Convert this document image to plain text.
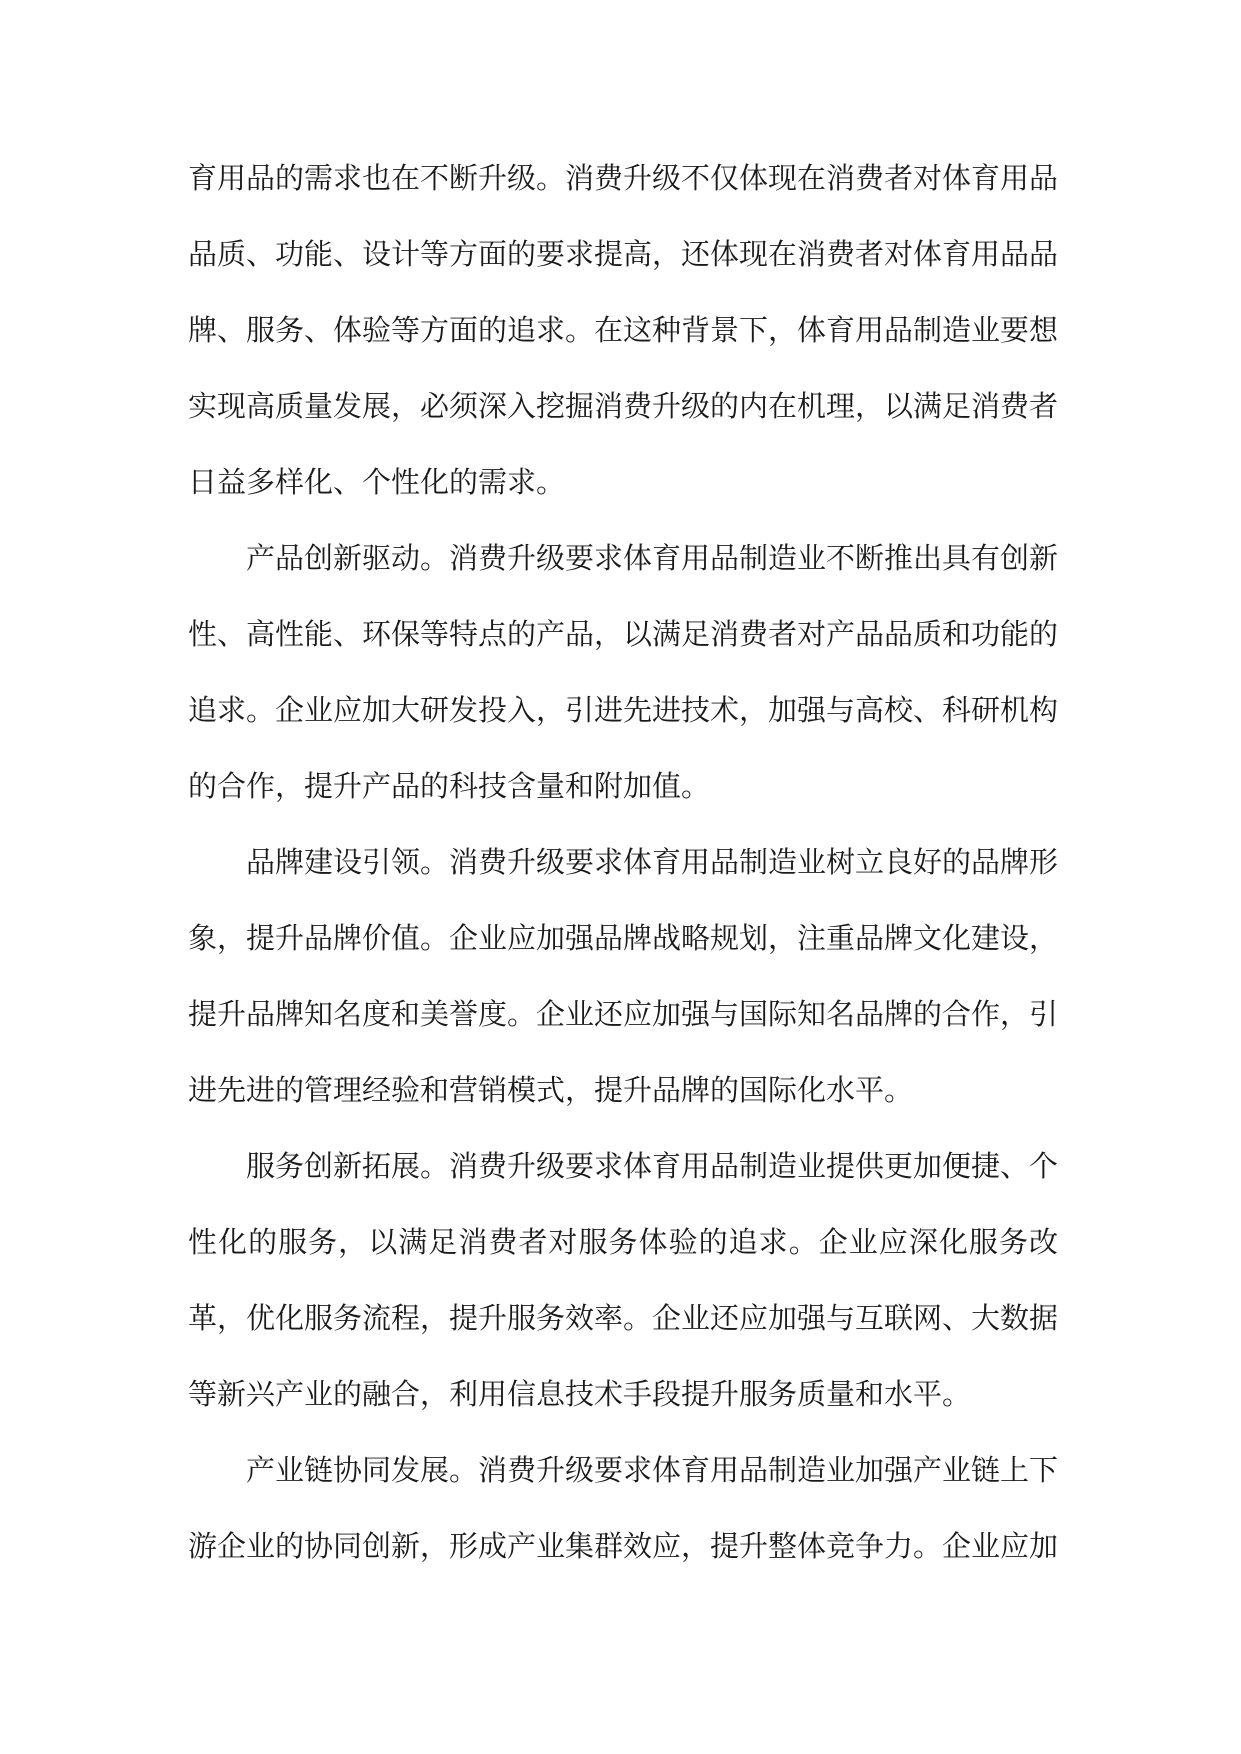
育用品的需求也在不断升级。消费升级不仅体现在消费者对体育用品品质、功能、设计等方面的要求提高，还体现在消费者对体育用品品牌、服务、体验等方面的追求。在这种背景下，体育用品制造业要想实现高质量发展，必须深入挖掘消费升级的内在机理，以满足消费者日益多样化、个性化的需求。

产品创新驱动。消费升级要求体育用品制造业不断推出具有创新性、高性能、环保等特点的产品，以满足消费者对产品品质和功能的追求。企业应加大研发投入，引进先进技术，加强与高校、科研机构的合作，提升产品的科技含量和附加值。

品牌建设引领。消费升级要求体育用品制造业树立良好的品牌形象，提升品牌价值。企业应加强品牌战略规划，注重品牌文化建设，提升品牌知名度和美誉度。企业还应加强与国际知名品牌的合作，引进先进的管理经验和营销模式，提升品牌的国际化水平。

服务创新拓展。消费升级要求体育用品制造业提供更加便捷、个性化的服务，以满足消费者对服务体验的追求。企业应深化服务改革，优化服务流程，提升服务效率。企业还应加强与互联网、大数据等新兴产业的融合，利用信息技术手段提升服务质量和水平。

产业链协同发展。消费升级要求体育用品制造业加强产业链上下游企业的协同创新，形成产业集群效应，提升整体竞争力。企业应加
